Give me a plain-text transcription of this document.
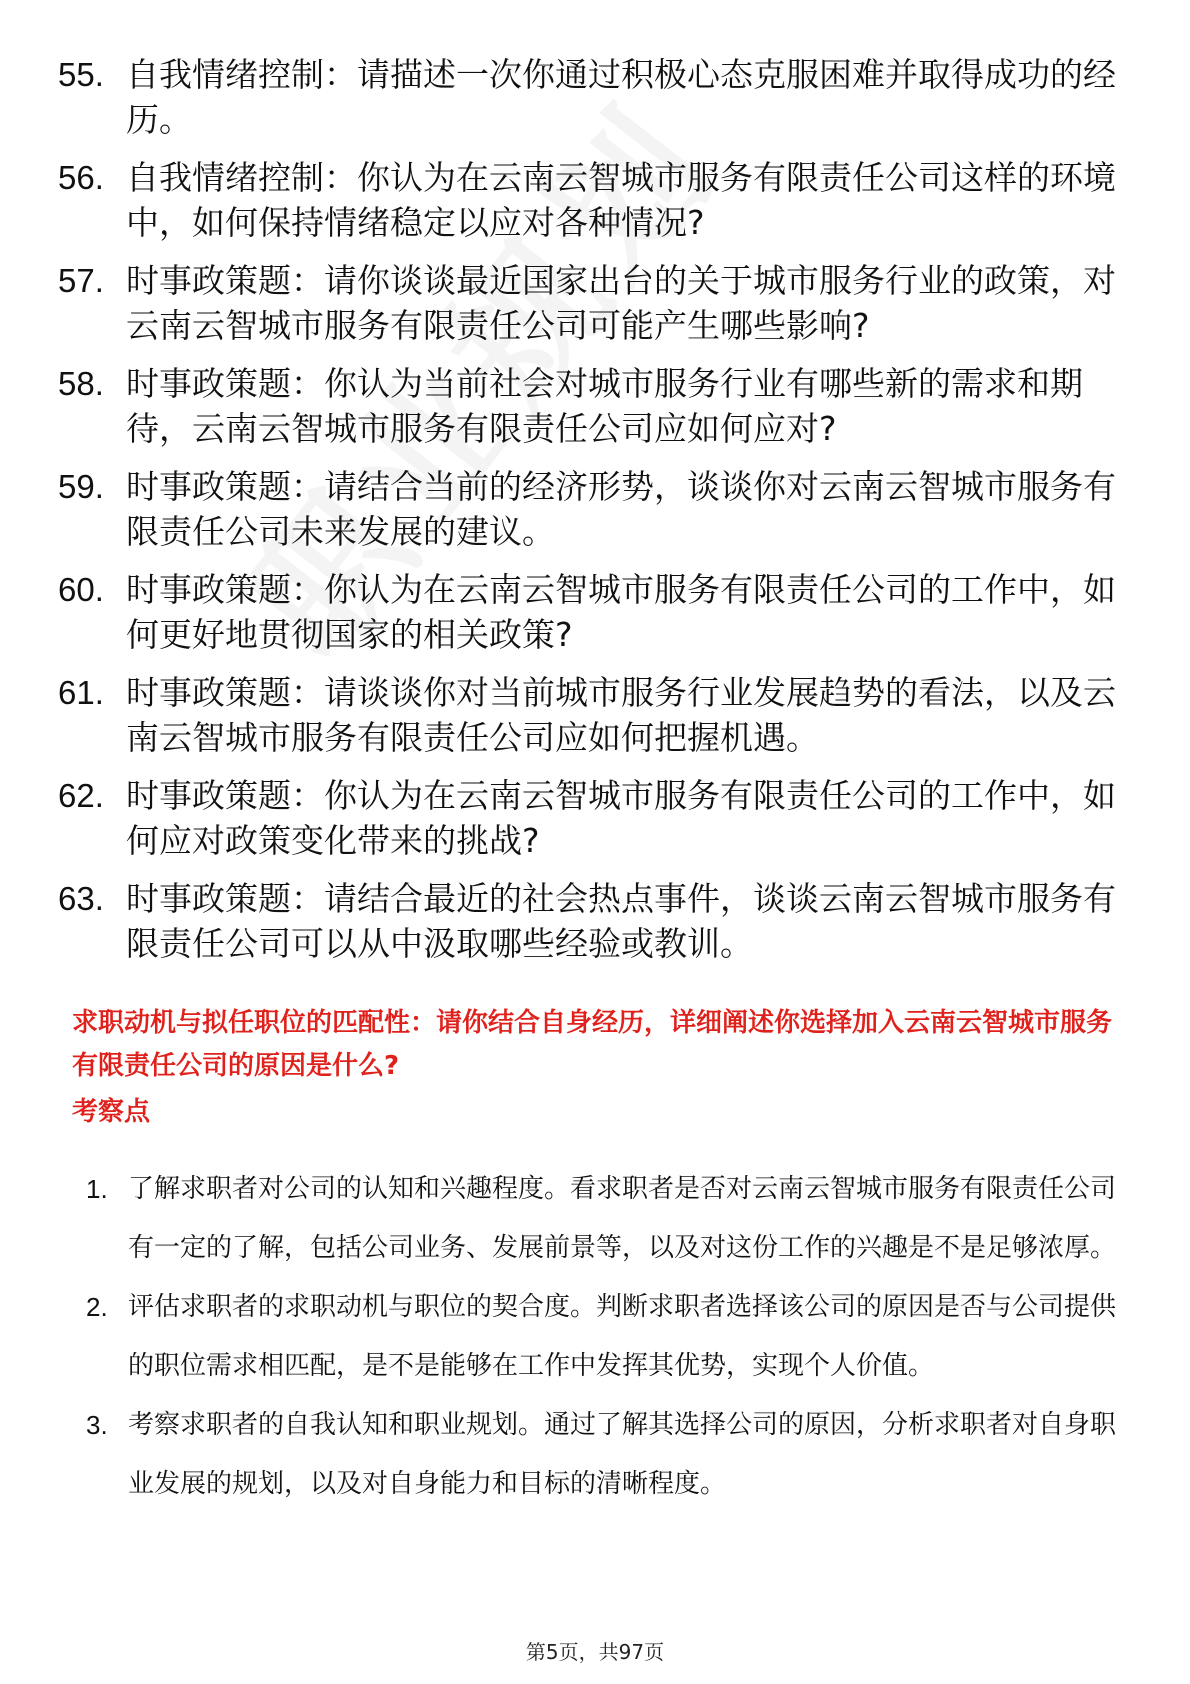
55. 自我情绪控制：请描述一次你通过积极心态克服困难并取得成功的经历。
56. 自我情绪控制：你认为在云南云智城市服务有限责任公司这样的环境中，如何保持情绪稳定以应对各种情况?
57. 时事政策题：请你谈谈最近国家出台的关于城市服务行业的政策，对云南云智城市服务有限责任公司可能产生哪些影响?
58. 时事政策题：你认为当前社会对城市服务行业有哪些新的需求和期待，云南云智城市服务有限责任公司应如何应对?
59. 时事政策题：请结合当前的经济形势，谈谈你对云南云智城市服务有限责任公司未来发展的建议。
60. 时事政策题：你认为在云南云智城市服务有限责任公司的工作中，如何更好地贯彻国家的相关政策?
61. 时事政策题：请谈谈你对当前城市服务行业发展趋势的看法，以及云南云智城市服务有限责任公司应如何把握机遇。
62. 时事政策题：你认为在云南云智城市服务有限责任公司的工作中，如何应对政策变化带来的挑战?
63. 时事政策题：请结合最近的社会热点事件，谈谈云南云智城市服务有限责任公司可以从中汲取哪些经验或教训。
求职动机与拟任职位的匹配性：请你结合自身经历，详细阐述你选择加入云南云智城市服务有限责任公司的原因是什么?
考察点
1. 了解求职者对公司的认知和兴趣程度。看求职者是否对云南云智城市服务有限责任公司有一定的了解，包括公司业务、发展前景等，以及对这份工作的兴趣是不是足够浓厚。
2. 评估求职者的求职动机与职位的契合度。判断求职者选择该公司的原因是否与公司提供的职位需求相匹配，是不是能够在工作中发挥其优势，实现个人价值。
3. 考察求职者的自我认知和职业规划。通过了解其选择公司的原因，分析求职者对自身职业发展的规划，以及对自身能力和目标的清晰程度。
第5页，共97页
